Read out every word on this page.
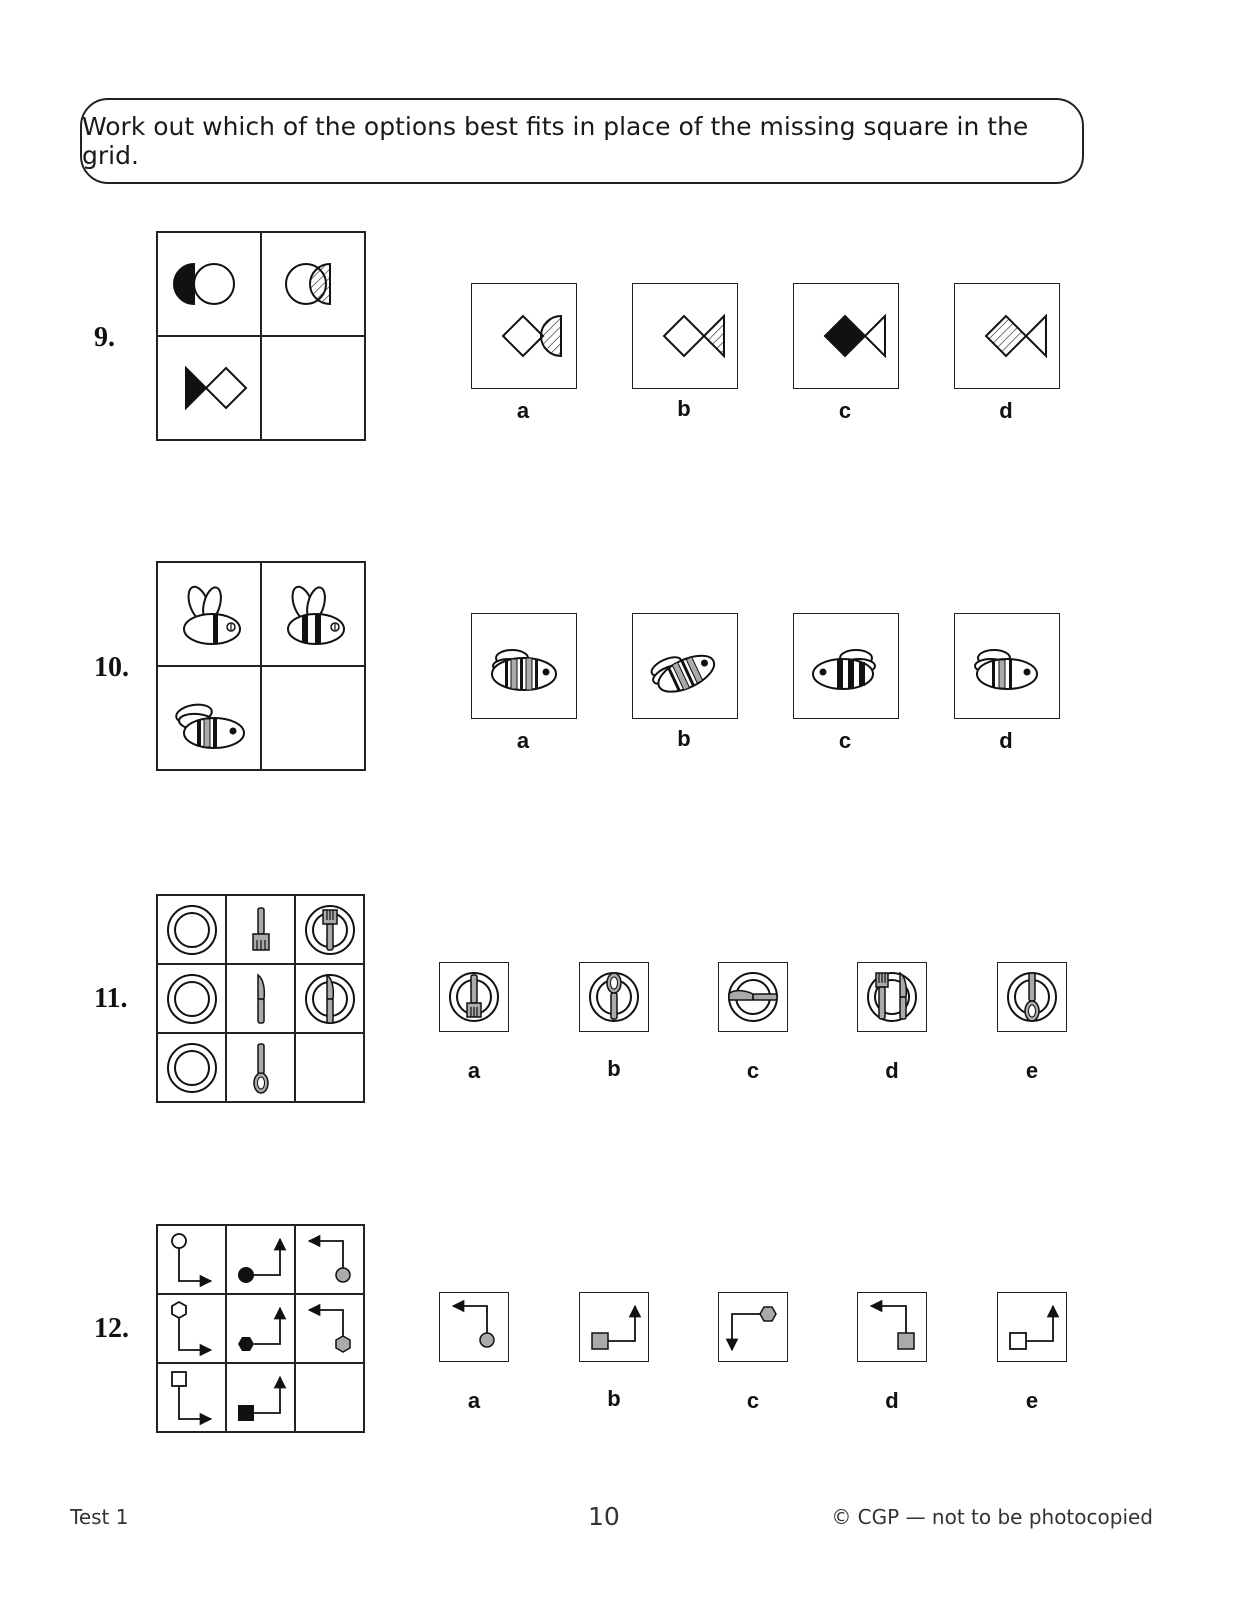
Work out which of the options best fits in place of the missing square in the grid.
9.
a	b	c	d
10.
a	b	c	d
11.
a	b	c	d	e
12.
a	b	c	d	e
Test 1	10	© CGP — not to be photocopied
